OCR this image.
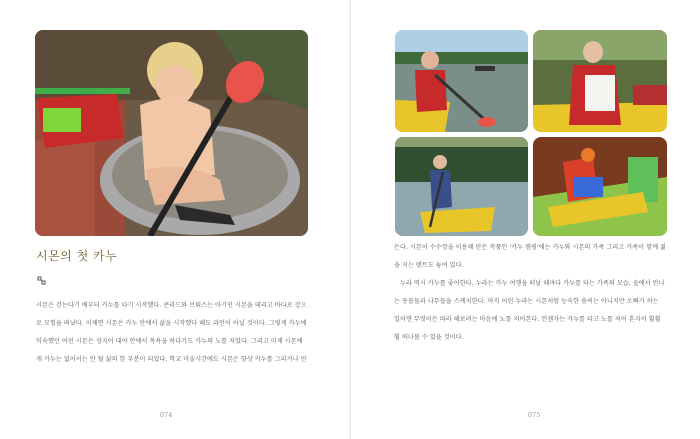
시몬의 첫 카누

시몬은 걷는다기 배부터 카누를 타기 시작했다. 콘라드와 브뤼스는 아기인 시몬을 데리고 바다로 강으로 모험을 떠났다. 이제면 시몬은 카누 안에서 삶을 시작했다 해도 과언이 아닐 것이다. 그렇게 카누에 익숙했던 어린 시몬은 성지어 대야 안에서 목욕을 하다가도 카누의 노를 저었다. 그리고 이제 시몬에게 카누는 없어서는 안 될 삶의 한 부분이 되었다. 학교 미술시간에도 시몬은 항상 카누를 그리거나 만

074

든다. 시몬이 수수깡을 이용해 만든 작품인 '카누 캠핑'에는 카누와 시몬의 가족 그리고 가족이 함께 짊을 지는 텐트도 놓여 있다.

누라 역시 카누를 좋아한다. 누라는 카누 여행을 떠날 때마다 카누를 타는 가족의 모습, 숲에서 만나는 동물들과 나무들을 스케치한다. 아직 어린 누라는 시몬처럼 능숙한 솜씨는 아니지만 오빠가 하는 일이면 무엇이든 따라 해보려는 마음에 노를 저어본다. 언젠가는 카누를 타고 노를 저어 혼자서 훨훨훨 떠나볼 수 있을 것이다.

075
